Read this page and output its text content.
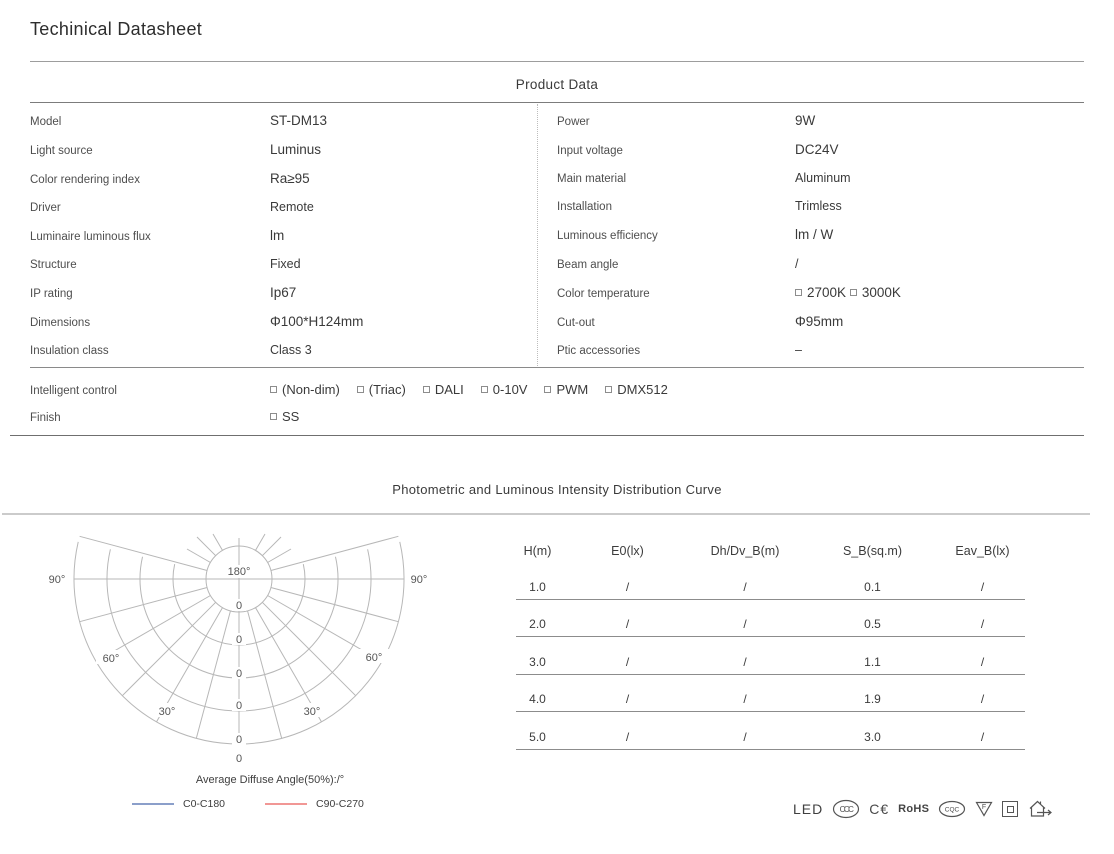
Techinical Datasheet
Product Data
Model	ST-DM13
Light source	Luminus
Color rendering index	Ra≥95
Driver	Remote
Luminaire luminous flux	lm
Structure	Fixed
IP rating	Ip67
Dimensions	Φ100*H124mm
Insulation class	Class 3
Power	9W
Input voltage	DC24V
Main material	Aluminum
Installation	Trimless
Luminous efficiency	lm / W
Beam angle	/
Color temperature	2700K 3000K
Cut-out	Φ95mm
Ptic accessories	–
Intelligent control	(Non-dim)	(Triac)	DALI	0-10V	PWM	DMX512
Finish	SS
Photometric and Luminous Intensity Distribution Curve
180°
90°	90°
60°	60°
30°	30°
0
0
0
0
0
0
Average Diffuse Angle(50%):/°
C0-C180	C90-C270
H(m)	E0(lx)	Dh/Dv_B(m)	S_B(sq.m)	Eav_B(lx)
1.0	/	/	0.1	/
2.0	/	/	0.5	/
3.0	/	/	1.1	/
4.0	/	/	1.9	/
5.0	/	/	3.0	/
LED CCC C€ RoHS CQC	F
